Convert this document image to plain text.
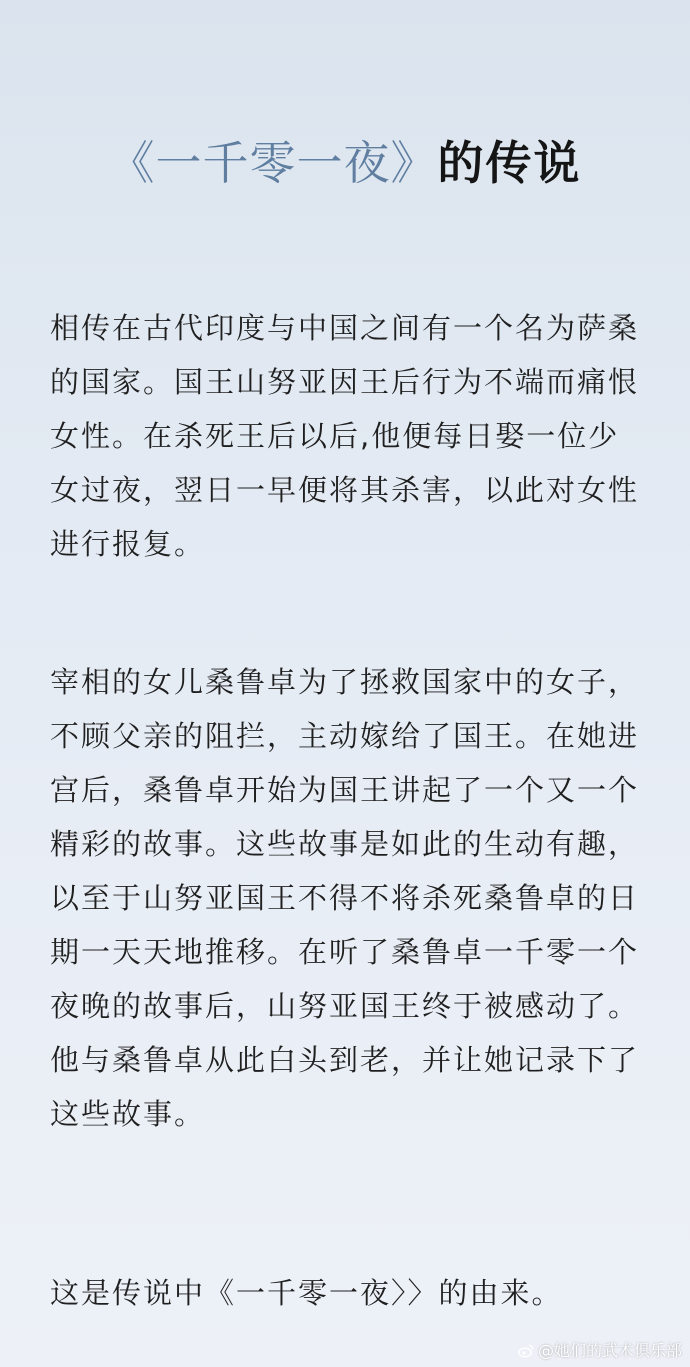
《一千零一夜》的传说

相传在古代印度与中国之间有一个名为萨桑的国家。国王山努亚因王后行为不端而痛恨女性。在杀死王后以后,他便每日娶一位少女过夜，翌日一早便将其杀害，以此对女性进行报复。

宰相的女儿桑鲁卓为了拯救国家中的女子，不顾父亲的阻拦，主动嫁给了国王。在她进宫后，桑鲁卓开始为国王讲起了一个又一个精彩的故事。这些故事是如此的生动有趣，以至于山努亚国王不得不将杀死桑鲁卓的日期一天天地推移。在听了桑鲁卓一千零一个夜晚的故事后，山努亚国王终于被感动了。他与桑鲁卓从此白头到老，并让她记录下了这些故事。

这是传说中《一千零一夜〉〉的由来。

@她们的武术俱乐部
